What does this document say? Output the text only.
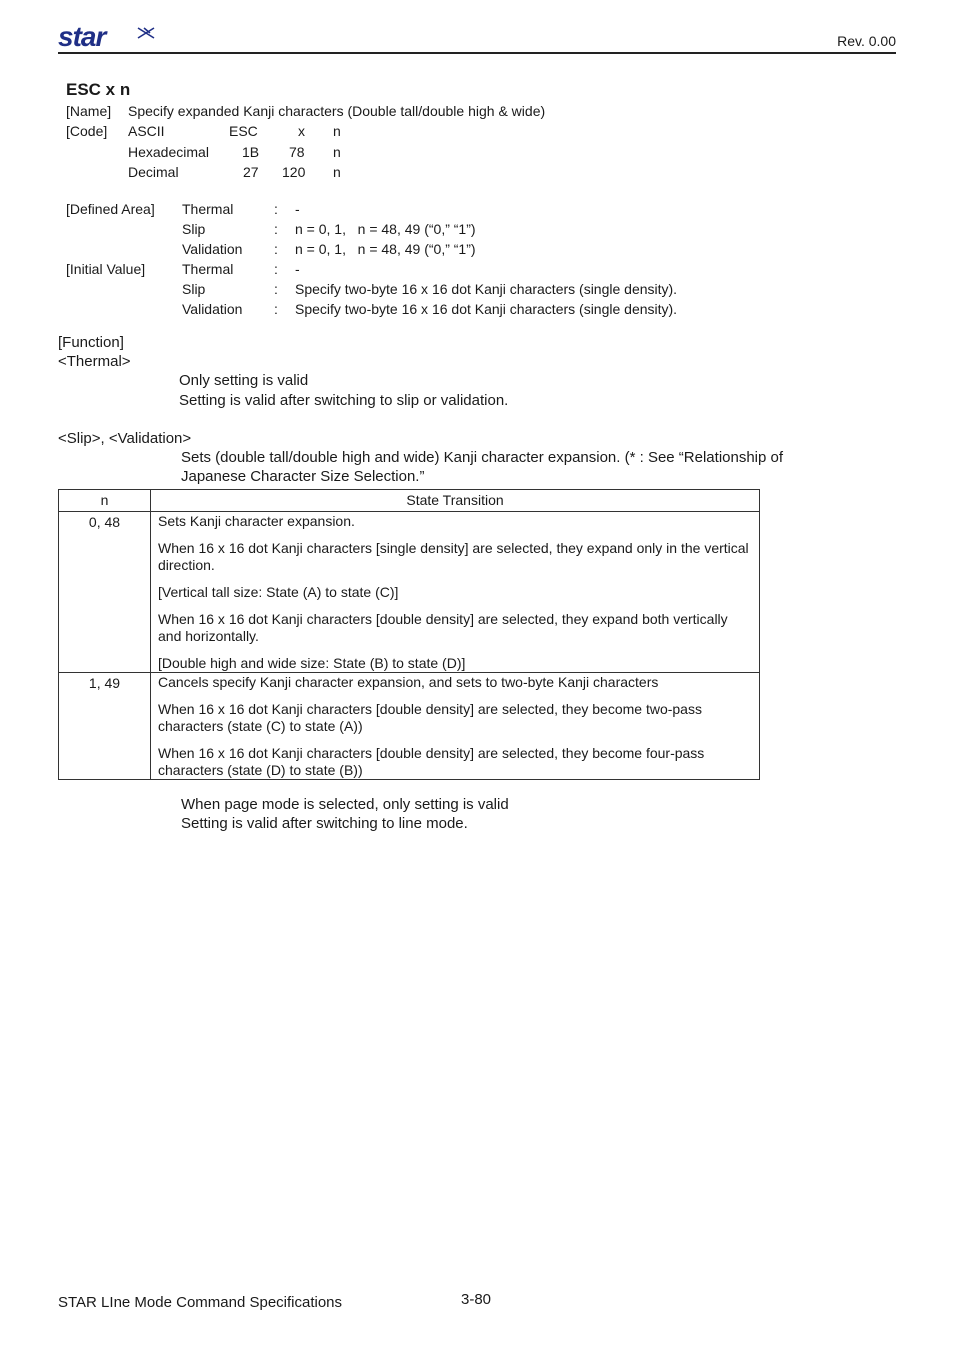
star	Rev. 0.00
ESC x n
[Name] Specify expanded Kanji characters (Double tall/double high & wide)
[Code] ASCII	ESC	x n
Hexadecimal 1B 78 n
Decimal	27 120 n
[Defined Area] Thermal	: -
Slip	: n = 0, 1,   n = 48, 49 (“0,” “1”)
Validation : n = 0, 1,   n = 48, 49 (“0,” “1”)
[Initial Value]	Thermal	: -
Slip	: Specify two-byte 16 x 16 dot Kanji characters (single density).
Validation : Specify two-byte 16 x 16 dot Kanji characters (single density).
[Function]
<Thermal>
Only setting is valid
Setting is valid after switching to slip or validation.
<Slip>, <Validation>
Sets (double tall/double high and wide) Kanji character expansion. (* : See “Relationship of
Japanese Character Size Selection.”
n	State Transition
0, 48	Sets Kanji character expansion.

When 16 x 16 dot Kanji characters [single density] are selected, they expand only in the vertical direction.

[Vertical tall size: State (A) to state (C)]

When 16 x 16 dot Kanji characters [double density] are selected, they expand both vertically and horizontally.

[Double high and wide size: State (B) to state (D)]

1, 49	Cancels specify Kanji character expansion, and sets to two-byte Kanji characters

When 16 x 16 dot Kanji characters [double density] are selected, they become two-pass characters (state (C) to state (A))

When 16 x 16 dot Kanji characters [double density] are selected, they become four-pass characters (state (D) to state (B))

When page mode is selected, only setting is valid
Setting is valid after switching to line mode.
STAR LIne Mode Command Specifications	3-80
